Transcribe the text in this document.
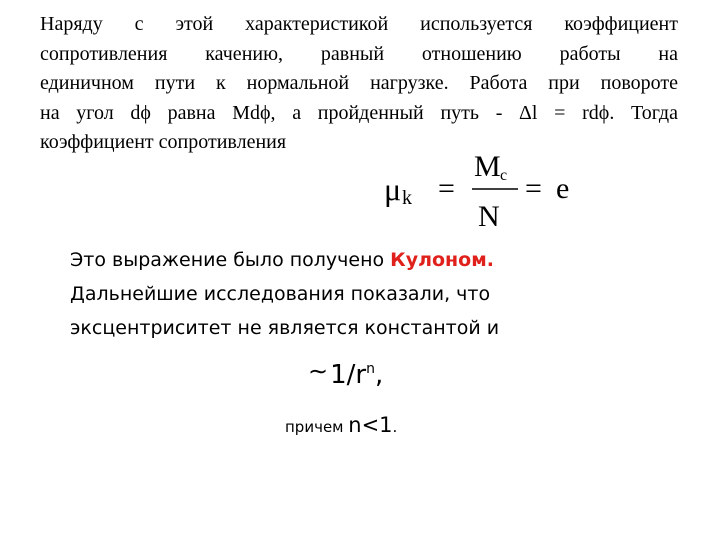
Наряду с этой характеристикой используется коэффициент
сопротивления качению, равный отношению работы на
единичном пути к нормальной нагрузке. Работа при повороте
на угол dϕ равна Mdϕ, а пройденный путь - Δl = rdϕ. Тогда
коэффициент сопротивления
μ k =
M c
N
= e
Это выражение было получено Кулоном.
Дальнейшие исследования показали, что
эксцентриситет не является константой и
$\sim 1/r^n$,
причем n<1.
